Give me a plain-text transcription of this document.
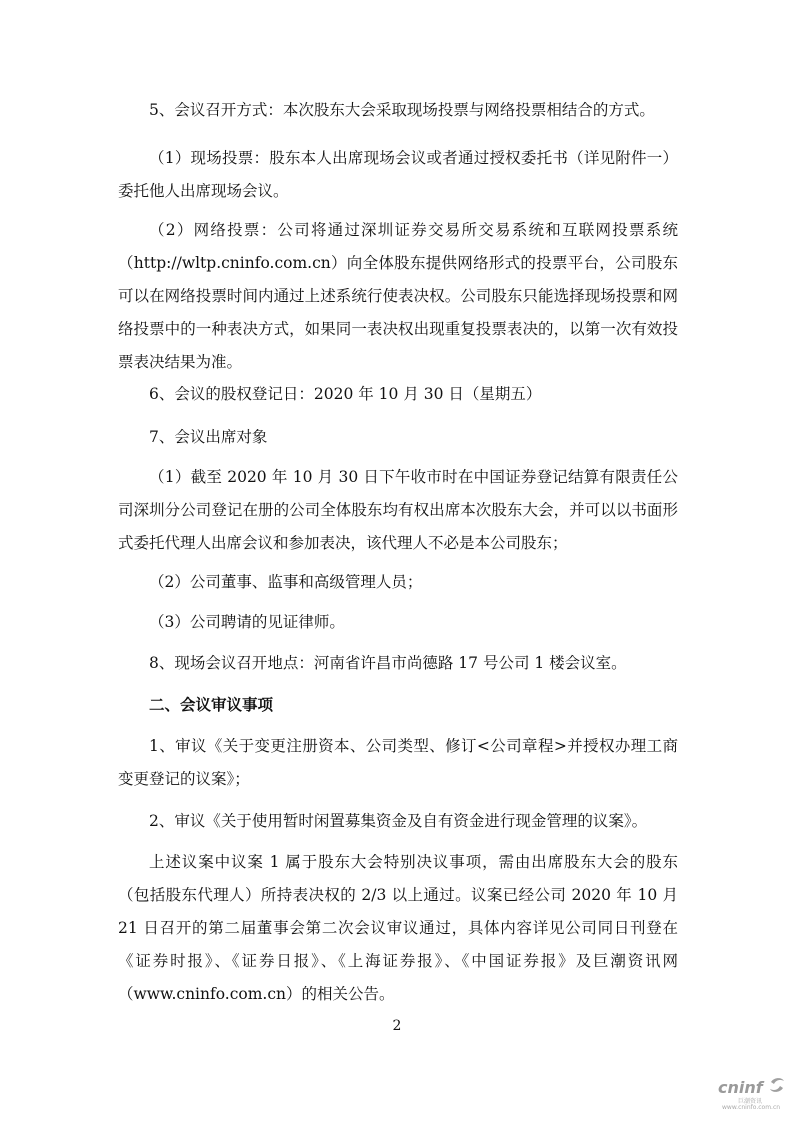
5、会议召开方式：本次股东大会采取现场投票与网络投票相结合的方式。

（1）现场投票：股东本人出席现场会议或者通过授权委托书（详见附件一）委托他人出席现场会议。

（2）网络投票：公司将通过深圳证券交易所交易系统和互联网投票系统（http://wltp.cninfo.com.cn）向全体股东提供网络形式的投票平台，公司股东可以在网络投票时间内通过上述系统行使表决权。公司股东只能选择现场投票和网络投票中的一种表决方式，如果同一表决权出现重复投票表决的，以第一次有效投票表决结果为准。

6、会议的股权登记日：2020 年 10 月 30 日（星期五）

7、会议出席对象

（1）截至 2020 年 10 月 30 日下午收市时在中国证券登记结算有限责任公司深圳分公司登记在册的公司全体股东均有权出席本次股东大会，并可以以书面形式委托代理人出席会议和参加表决，该代理人不必是本公司股东；

（2）公司董事、监事和高级管理人员；

（3）公司聘请的见证律师。

8、现场会议召开地点：河南省许昌市尚德路 17 号公司 1 楼会议室。

二、会议审议事项

1、审议《关于变更注册资本、公司类型、修订<公司章程>并授权办理工商变更登记的议案》；

2、审议《关于使用暂时闲置募集资金及自有资金进行现金管理的议案》。

上述议案中议案 1 属于股东大会特别决议事项，需由出席股东大会的股东（包括股东代理人）所持表决权的 2/3 以上通过。议案已经公司 2020 年 10 月 21 日召开的第二届董事会第二次会议审议通过，具体内容详见公司同日刊登在《证券时报》、《证券日报》、《上海证券报》、《中国证券报》及巨潮资讯网（www.cninfo.com.cn）的相关公告。

2
cninf
巨潮资讯
www.cninfo.com.cn
